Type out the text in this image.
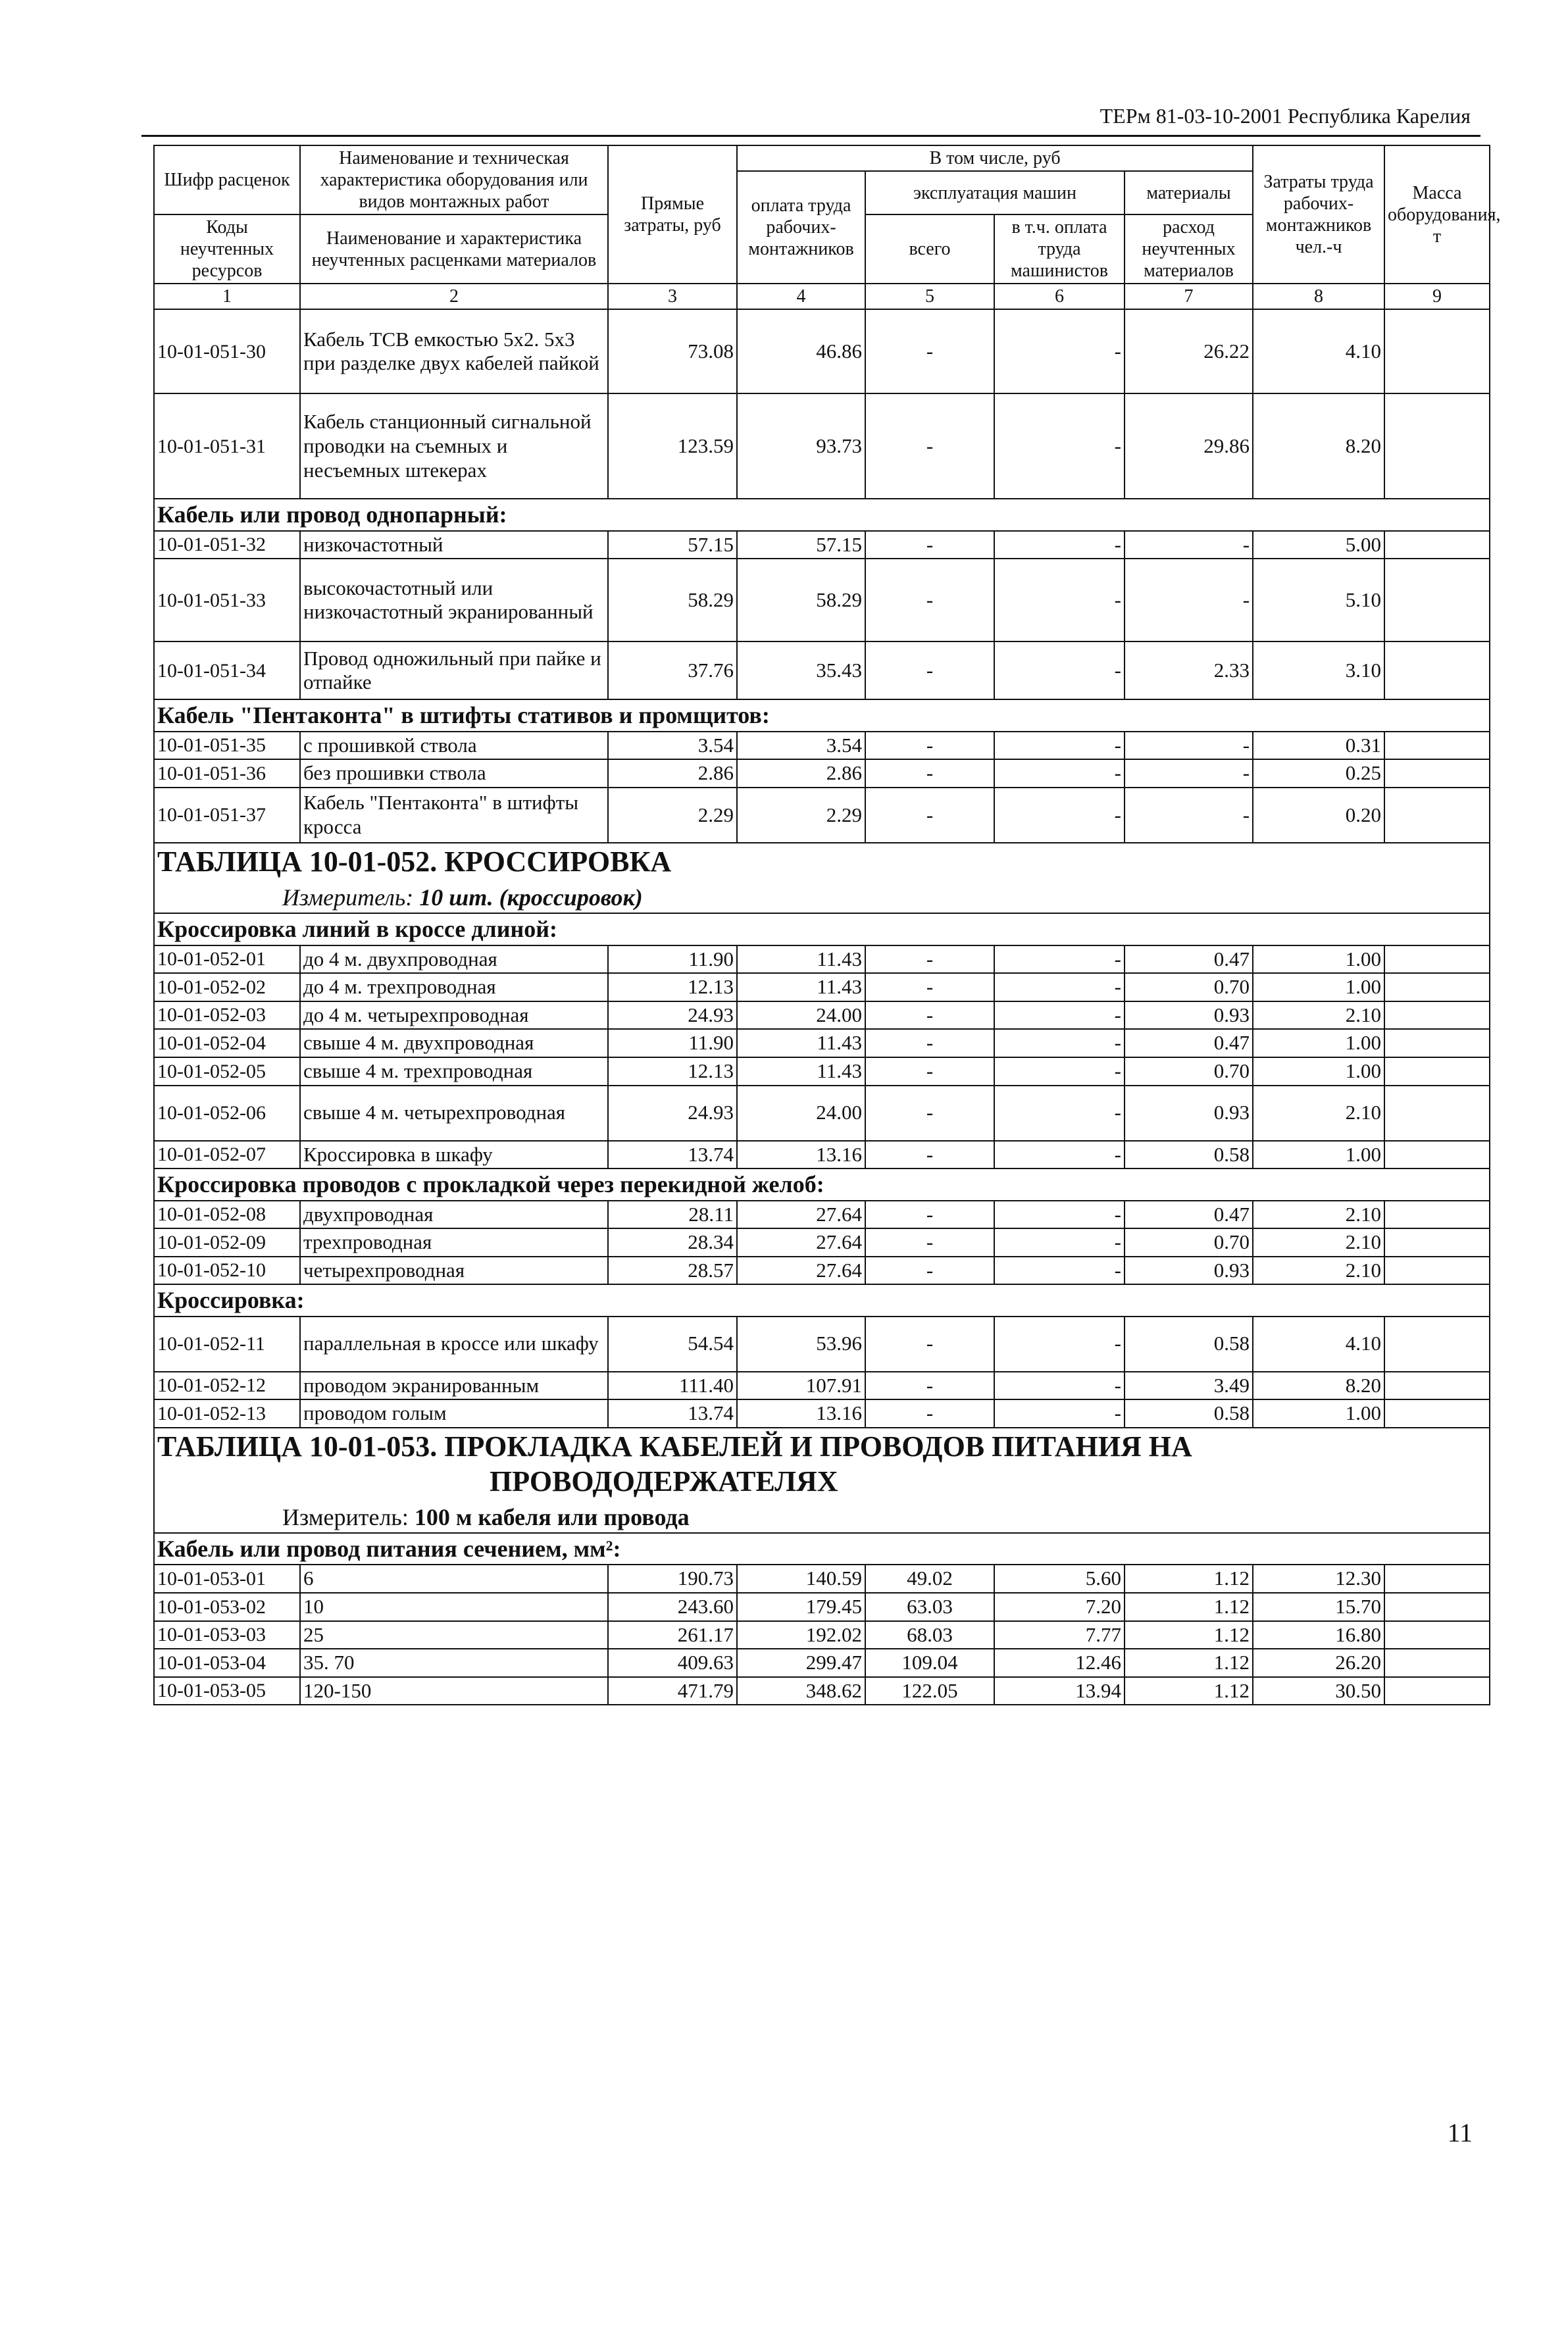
ТЕРм 81-03-10-2001 Республика Карелия
Шифр расценок	Наименование и техническая характеристика оборудования или видов монтажных работ	Прямые затраты, руб	В том числе, руб				Затраты труда рабочих-монтажников чел.-ч	Масса оборудования, т
			оплата труда рабочих-монтажников	эксплуатация машин		материалы		
Коды неучтенных ресурсов	Наименование и характеристика неучтенных расценками материалов			всего	в т.ч. оплата труда машинистов	расход неучтенных материалов		

1	2	3	4	5	6	7	8	9
10-01-051-30	Кабель ТСВ емкостью 5х2. 5х3 при разделке двух кабелей пайкой	73.08	46.86	-	-	26.22	4.10	
10-01-051-31	Кабель станционный сигнальной проводки на съемных и несъемных штекерах	123.59	93.73	-	-	29.86	8.20	
Кабель или провод однопарный:								
10-01-051-32	низкочастотный	57.15	57.15	-	-	-	5.00	
10-01-051-33	высокочастотный или низкочастотный экранированный	58.29	58.29	-	-	-	5.10	
10-01-051-34	Провод одножильный при пайке и отпайке	37.76	35.43	-	-	2.33	3.10	
Кабель "Пентаконта" в штифты стативов и промщитов:								
10-01-051-35	с прошивкой ствола	3.54	3.54	-	-	-	0.31	
10-01-051-36	без прошивки ствола	2.86	2.86	-	-	-	0.25	
10-01-051-37	Кабель "Пентаконта" в штифты кросса	2.29	2.29	-	-	-	0.20	
ТАБЛИЦА 10-01-052. КРОССИРОВКА
Измеритель: 10 шт. (кроссировок)								

Кроссировка линий в кроссе длиной:								
10-01-052-01	до 4 м. двухпроводная	11.90	11.43	-	-	0.47	1.00	
10-01-052-02	до 4 м. трехпроводная	12.13	11.43	-	-	0.70	1.00	
10-01-052-03	до 4 м. четырехпроводная	24.93	24.00	-	-	0.93	2.10	
10-01-052-04	свыше 4 м. двухпроводная	11.90	11.43	-	-	0.47	1.00	
10-01-052-05	свыше 4 м. трехпроводная	12.13	11.43	-	-	0.70	1.00	
10-01-052-06	свыше 4 м. четырехпроводная	24.93	24.00	-	-	0.93	2.10	
10-01-052-07	Кроссировка в шкафу	13.74	13.16	-	-	0.58	1.00	
Кроссировка проводов с прокладкой через перекидной желоб:								
10-01-052-08	двухпроводная	28.11	27.64	-	-	0.47	2.10	
10-01-052-09	трехпроводная	28.34	27.64	-	-	0.70	2.10	
10-01-052-10	четырехпроводная	28.57	27.64	-	-	0.93	2.10	
Кроссировка:								
10-01-052-11	параллельная в кроссе или шкафу	54.54	53.96	-	-	0.58	4.10	
10-01-052-12	проводом экранированным	111.40	107.91	-	-	3.49	8.20	
10-01-052-13	проводом голым	13.74	13.16	-	-	0.58	1.00	
ТАБЛИЦА 10-01-053. ПРОКЛАДКА КАБЕЛЕЙ И ПРОВОДОВ ПИТАНИЯ НА
ПРОВОДОДЕРЖАТЕЛЯХ
Измеритель: 100 м кабеля или провода								

Кабель или провод питания сечением, мм²:								
10-01-053-01	6	190.73	140.59	49.02	5.60	1.12	12.30	
10-01-053-02	10	243.60	179.45	63.03	7.20	1.12	15.70	
10-01-053-03	25	261.17	192.02	68.03	7.77	1.12	16.80	
10-01-053-04	35. 70	409.63	299.47	109.04	12.46	1.12	26.20	
10-01-053-05	120-150	471.79	348.62	122.05	13.94	1.12	30.50	
11
